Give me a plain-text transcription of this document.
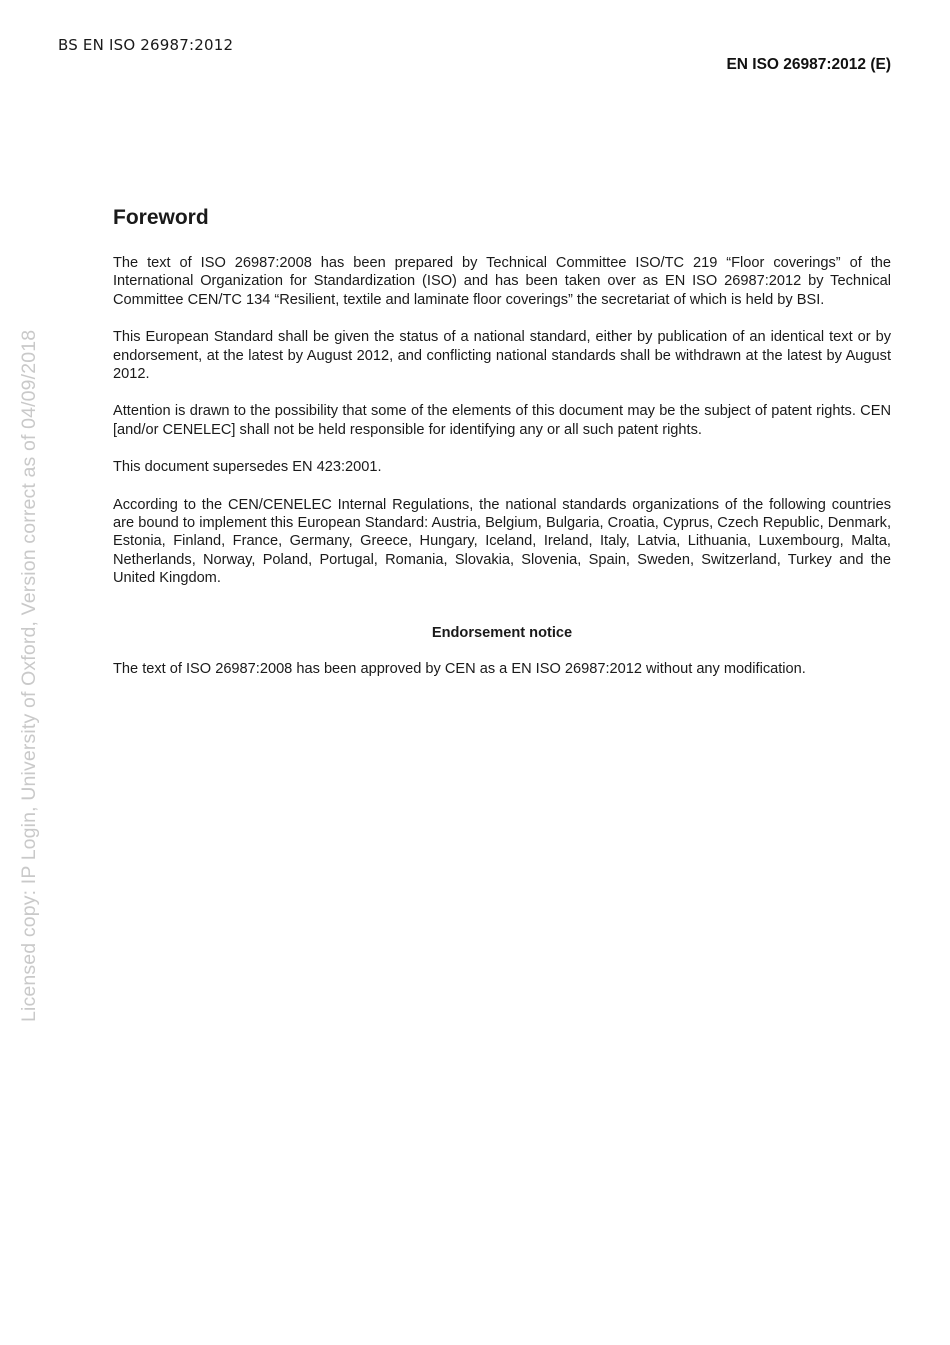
BS EN ISO 26987:2012
EN ISO 26987:2012 (E)
Licensed copy: IP Login, University of Oxford, Version correct as of 04/09/2018
Foreword

The text of ISO 26987:2008 has been prepared by Technical Committee ISO/TC 219 “Floor coverings” of the International Organization for Standardization (ISO) and has been taken over as EN ISO 26987:2012 by Technical Committee CEN/TC 134 “Resilient, textile and laminate floor coverings” the secretariat of which is held by BSI.

This European Standard shall be given the status of a national standard, either by publication of an identical text or by endorsement, at the latest by August 2012, and conflicting national standards shall be withdrawn at the latest by August 2012.

Attention is drawn to the possibility that some of the elements of this document may be the subject of patent rights. CEN [and/or CENELEC] shall not be held responsible for identifying any or all such patent rights.

This document supersedes EN 423:2001.

According to the CEN/CENELEC Internal Regulations, the national standards organizations of the following countries are bound to implement this European Standard: Austria, Belgium, Bulgaria, Croatia, Cyprus, Czech Republic, Denmark, Estonia, Finland, France, Germany, Greece, Hungary, Iceland, Ireland, Italy, Latvia, Lithuania, Luxembourg, Malta, Netherlands, Norway, Poland, Portugal, Romania, Slovakia, Slovenia, Spain, Sweden, Switzerland, Turkey and the United Kingdom.

Endorsement notice

The text of ISO 26987:2008 has been approved by CEN as a EN ISO 26987:2012 without any modification.
